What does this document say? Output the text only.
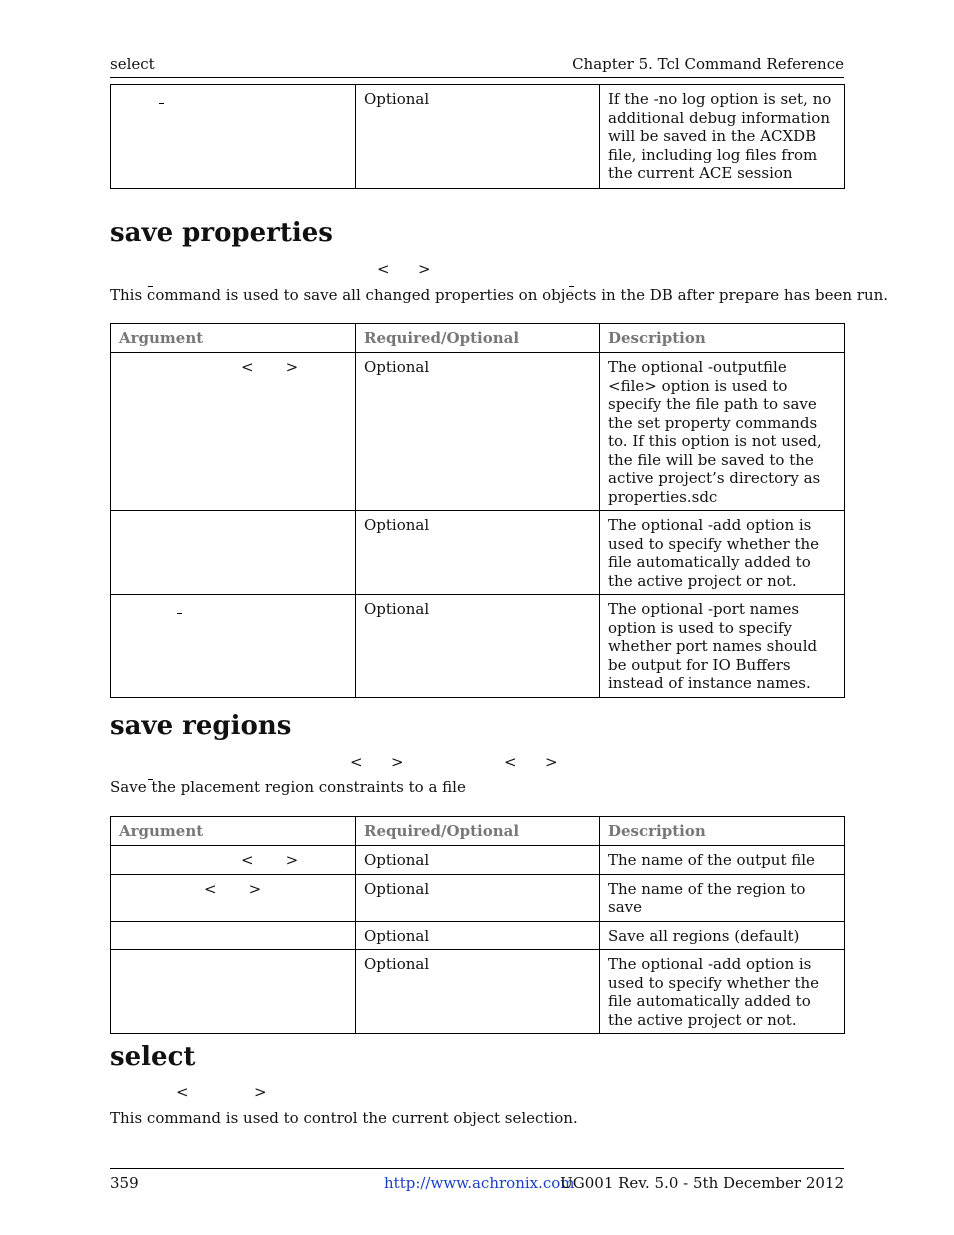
select	Chapter 5. Tcl Command Reference
	Optional	If the -no log option is set, no additional debug information will be saved in the ACXDB file, including log files from the current ACE session
save properties
< >
This command is used to save all changed properties on objects in the DB after prepare has been run.
Argument	Required/Optional	Description
< >	Optional	The optional -outputfile <file> option is used to specify the file path to save the set property commands to. If this option is not used, the file will be saved to the active project’s directory as properties.sdc
	Optional	The optional -add option is used to specify whether the file automatically added to the active project or not.
	Optional	The optional -port names option is used to specify whether port names should be output for IO Buffers instead of instance names.
save regions
< >	< >
Save the placement region constraints to a file
Argument	Required/Optional	Description
< >	Optional	The name of the output file
< >	Optional	The name of the region to save
	Optional	Save all regions (default)
	Optional	The optional -add option is used to specify whether the file automatically added to the active project or not.
select
<	>
This command is used to control the current object selection.
359	http://www.achronix.com
UG001 Rev. 5.0 - 5th December 2012
